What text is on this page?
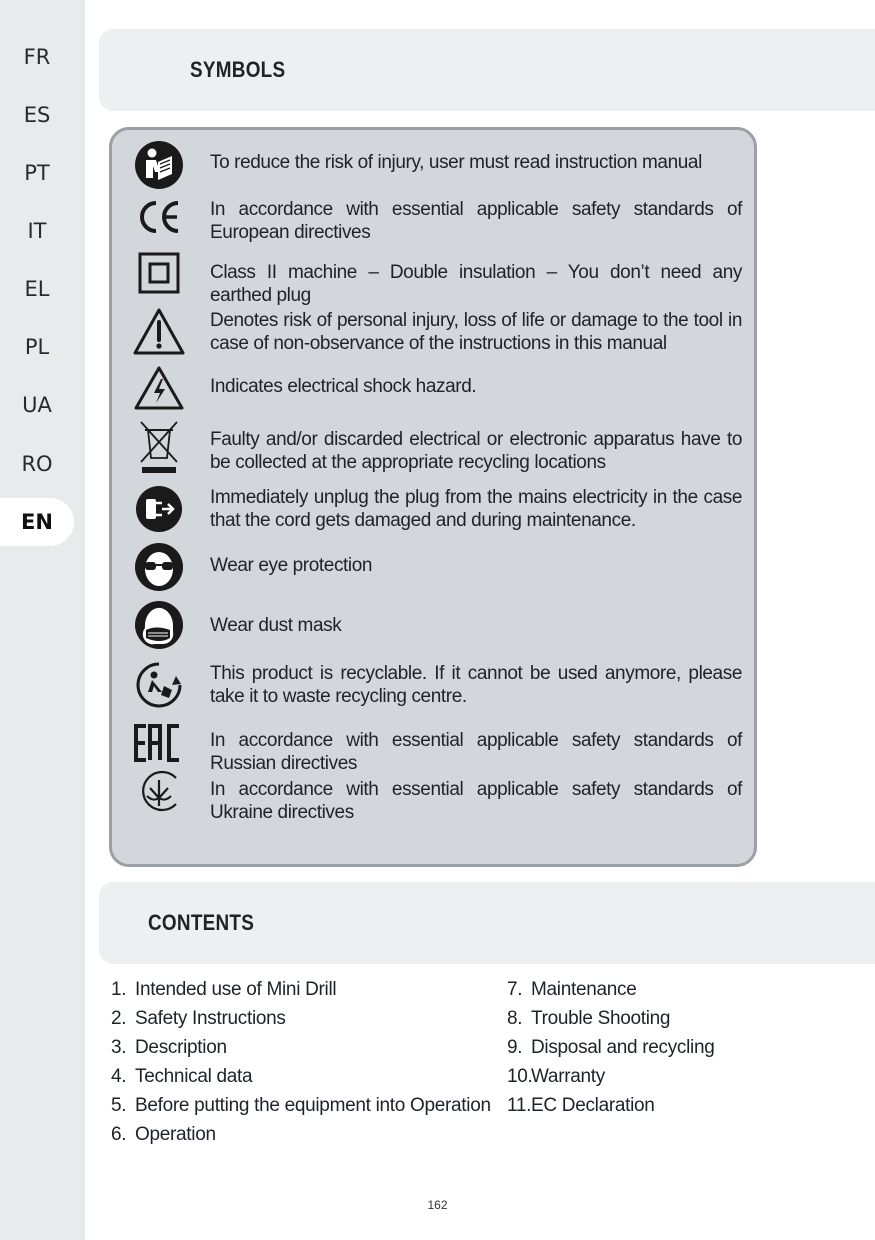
FR
ES
PT
IT
EL
PL
UA
RO
EN
SYMBOLS
To reduce the risk of injury, user must read instruction manual
In accordance with essential applicable safety standards of European directives
Class II machine – Double insulation – You don’t need any earthed plug
Denotes risk of personal injury, loss of life or damage to the tool in case of non-observance of the instructions in this manual
Indicates electrical shock hazard.
Faulty and/or discarded electrical or electronic apparatus have to be collected at the appropriate recycling locations
Immediately unplug the plug from the mains electricity in the case that the cord gets damaged and during maintenance.
Wear eye protection
Wear dust mask
This product is recyclable. If it cannot be used anymore, please take it to waste recycling centre.
In accordance with essential applicable safety standards of Russian directives
In accordance with essential applicable safety standards of Ukraine directives
CONTENTS
1. Intended use of Mini Drill
2. Safety Instructions
3. Description
4. Technical data
5. Before putting the equipment into Operation
6. Operation
7. Maintenance
8. Trouble Shooting
9. Disposal and recycling
10.Warranty
11.EC Declaration
162
